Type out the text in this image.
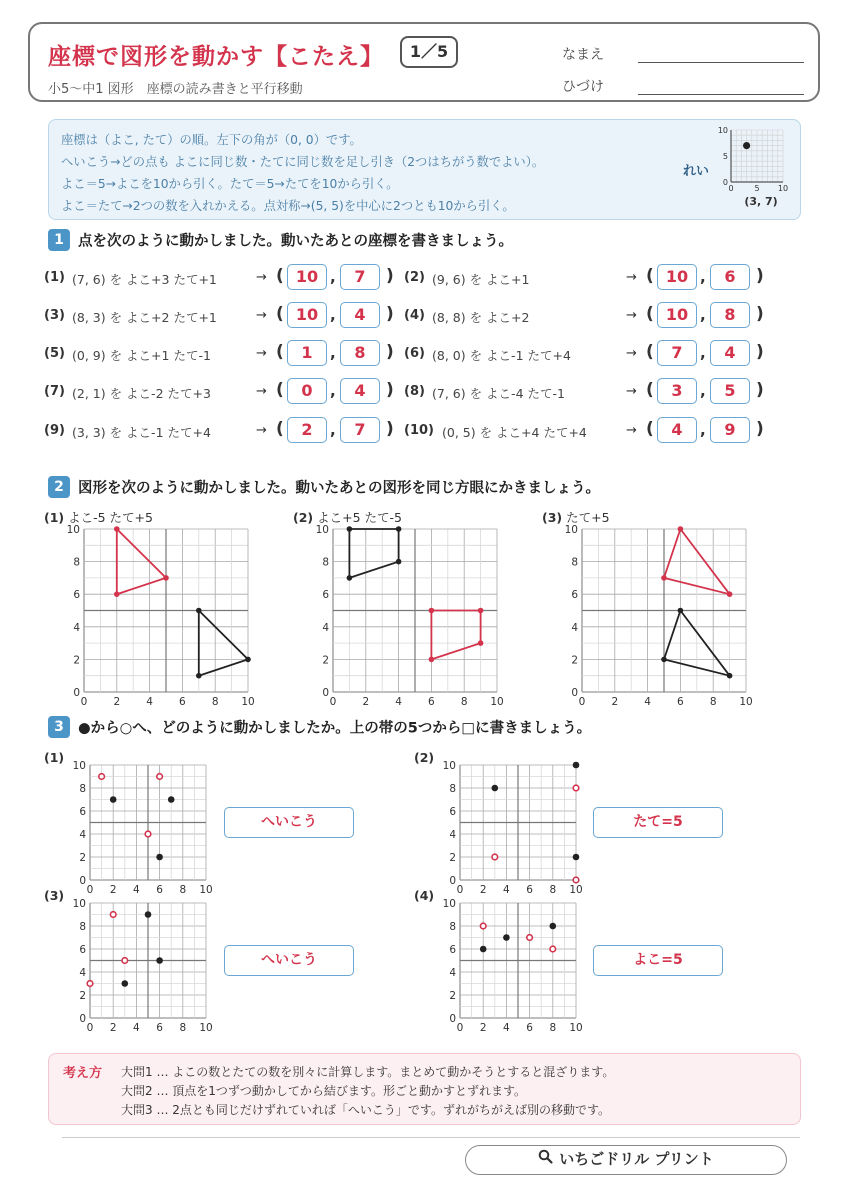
座標で図形を動かす【こたえ】	1／5
小5〜中1 図形　座標の読み書きと平行移動
なまえ
ひづけ
座標は（よこ, たて）の順。左下の角が（0, 0）です。
へいこう→どの点も よこに同じ数・たてに同じ数を足し引き（2つはちがう数でよい）。
よこ＝5→よこを10から引く。たて＝5→たてを10から引く。
よこ＝たて→2つの数を入れかえる。点対称→(5, 5)を中心に2つとも10から引く。
れい
0
0
5
5
10
10
(3, 7)
1 点を次のように動かしました。動いたあとの座標を書きましょう。
(1) (7, 6) を よこ+3 たて+1	→ ( 10 ,	7	) (2) (9, 6) を よこ+1	→ ( 10 ,	6	)
(3) (8, 3) を よこ+2 たて+1	→ ( 10 ,	4	) (4) (8, 8) を よこ+2	→ ( 10 ,	8	)
(5) (0, 9) を よこ+1 たて-1	→ (	1	,	8	) (6) (8, 0) を よこ-1 たて+4	→ (	7	,	4	)
(7) (2, 1) を よこ-2 たて+3	→ (	0	,	4	) (8) (7, 6) を よこ-4 たて-1	→ (	3	,	5	)
(9) (3, 3) を よこ-1 たて+4	→ (	2	,	7	) (10) (0, 5) を よこ+4 たて+4	→ (	4	,	9	)
2 図形を次のように動かしました。動いたあとの図形を同じ方眼にかきましょう。
(1) よこ-5 たて+5
0
0
2
2
4
4
6
6
8
8
10
10
(2) よこ+5 たて-5
0
0
2
2
4
4
6
6
8
8
10
10
(3) たて+5
0
0
2
2
4
4
6
6
8
8
10
10
3 ●から○へ、どのように動かしましたか。上の帯の5つから□に書きましょう。
(1)
0
0
2
2
4
4
6
6
8
8
10
10
へいこう
(2)
0
0
2
2
4
4
6
6
8
8
10
10
たて=5
(3)
0
0
2
2
4
4
6
6
8
8
10
10
へいこう
(4)
0
0
2
2
4
4
6
6
8
8
10
10
よこ=5
考え方 大問1 … よこの数とたての数を別々に計算します。まとめて動かそうとすると混ざります。
大問2 … 頂点を1つずつ動かしてから結びます。形ごと動かすとずれます。
大問3 … 2点とも同じだけずれていれば「へいこう」です。ずれがちがえば別の移動です。
いちごドリル プリント
